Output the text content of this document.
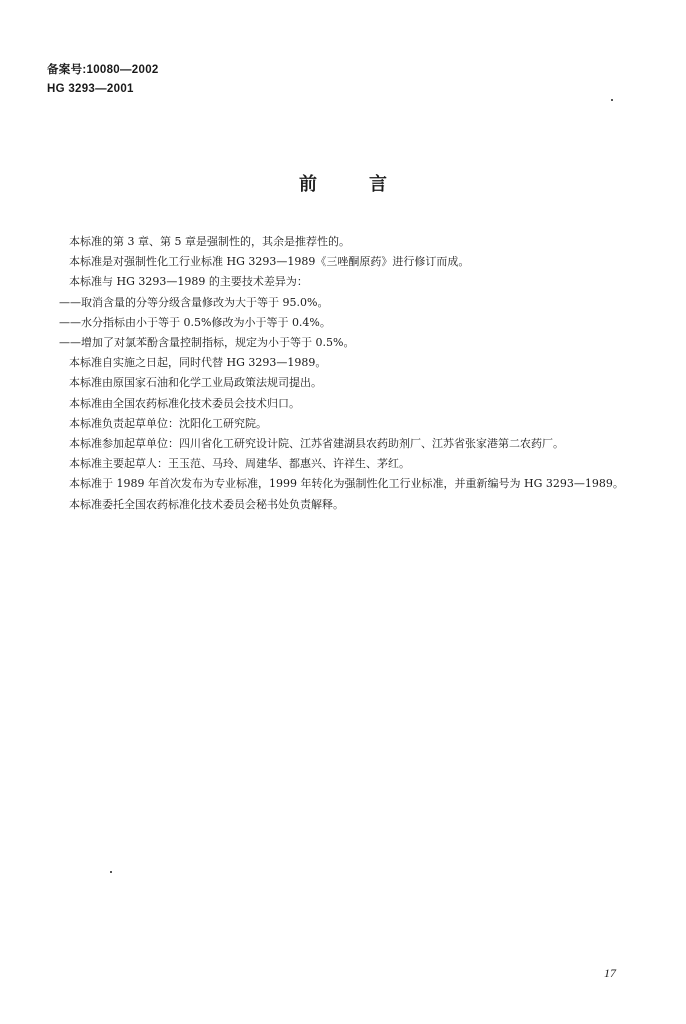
备案号:10080—2002
HG 3293—2001
前	言

本标准的第 3 章、第 5 章是强制性的，其余是推荐性的。

本标准是对强制性化工行业标准 HG 3293—1989《三唑酮原药》进行修订而成。

本标准与 HG 3293—1989 的主要技术差异为：

——取消含量的分等分级含量修改为大于等于 95.0%。

——水分指标由小于等于 0.5%修改为小于等于 0.4%。

——增加了对氯苯酚含量控制指标，规定为小于等于 0.5%。

本标准自实施之日起，同时代替 HG 3293—1989。

本标准由原国家石油和化学工业局政策法规司提出。

本标准由全国农药标准化技术委员会技术归口。

本标准负责起草单位：沈阳化工研究院。

本标准参加起草单位：四川省化工研究设计院、江苏省建湖县农药助剂厂、江苏省张家港第二农药厂。

本标准主要起草人：王玉范、马玲、周建华、都惠兴、许祥生、茅红。

本标准于 1989 年首次发布为专业标准，1999 年转化为强制性化工行业标准，并重新编号为 HG 3293—1989。

本标准委托全国农药标准化技术委员会秘书处负责解释。

17
